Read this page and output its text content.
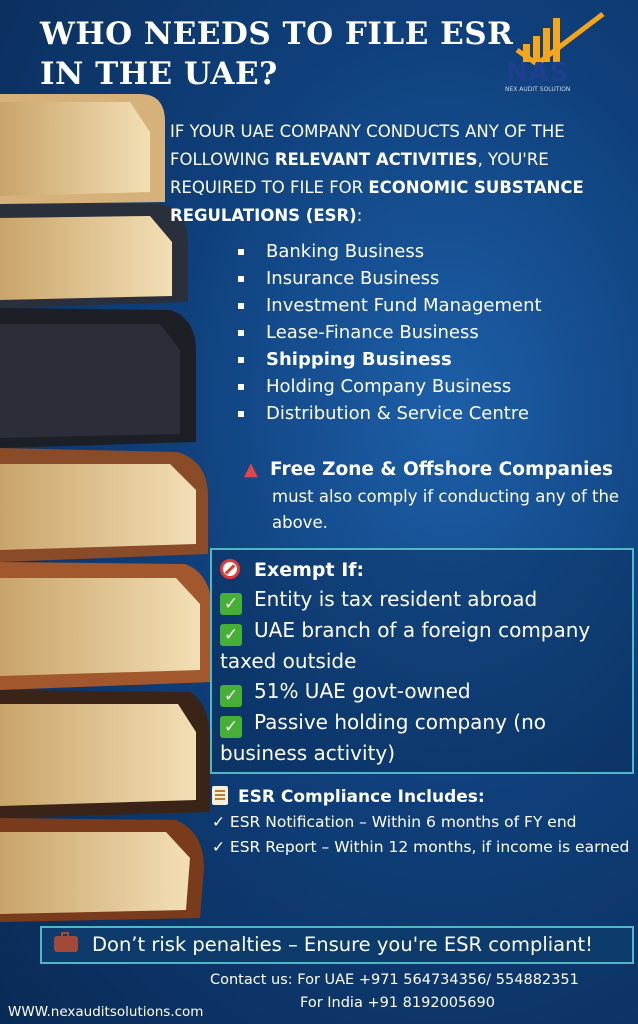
WHO NEEDS TO FILE ESR
IN THE UAE?	NAS
NEX AUDIT SOLUTION
IF YOUR UAE COMPANY CONDUCTS ANY OF THE FOLLOWING RELEVANT ACTIVITIES, YOU'RE REQUIRED TO FILE FOR ECONOMIC SUBSTANCE REGULATIONS (ESR):
Banking Business
Insurance Business
Investment Fund Management
Lease-Finance Business
Shipping Business
Holding Company Business
Distribution & Service Centre
▲ Free Zone & Offshore Companies
must also comply if conducting any of the above.
Exempt If:
✓ Entity is tax resident abroad
✓ UAE branch of a foreign company taxed outside
✓ 51% UAE govt-owned
✓ Passive holding company (no business activity)
ESR Compliance Includes:
✓ ESR Notification – Within 6 months of FY end
✓ ESR Report – Within 12 months, if income is earned
Don’t risk penalties – Ensure you're ESR compliant!
Contact us: For UAE +971 564734356/ 554882351
For India +91 8192005690
WWW.nexauditsolutions.com
